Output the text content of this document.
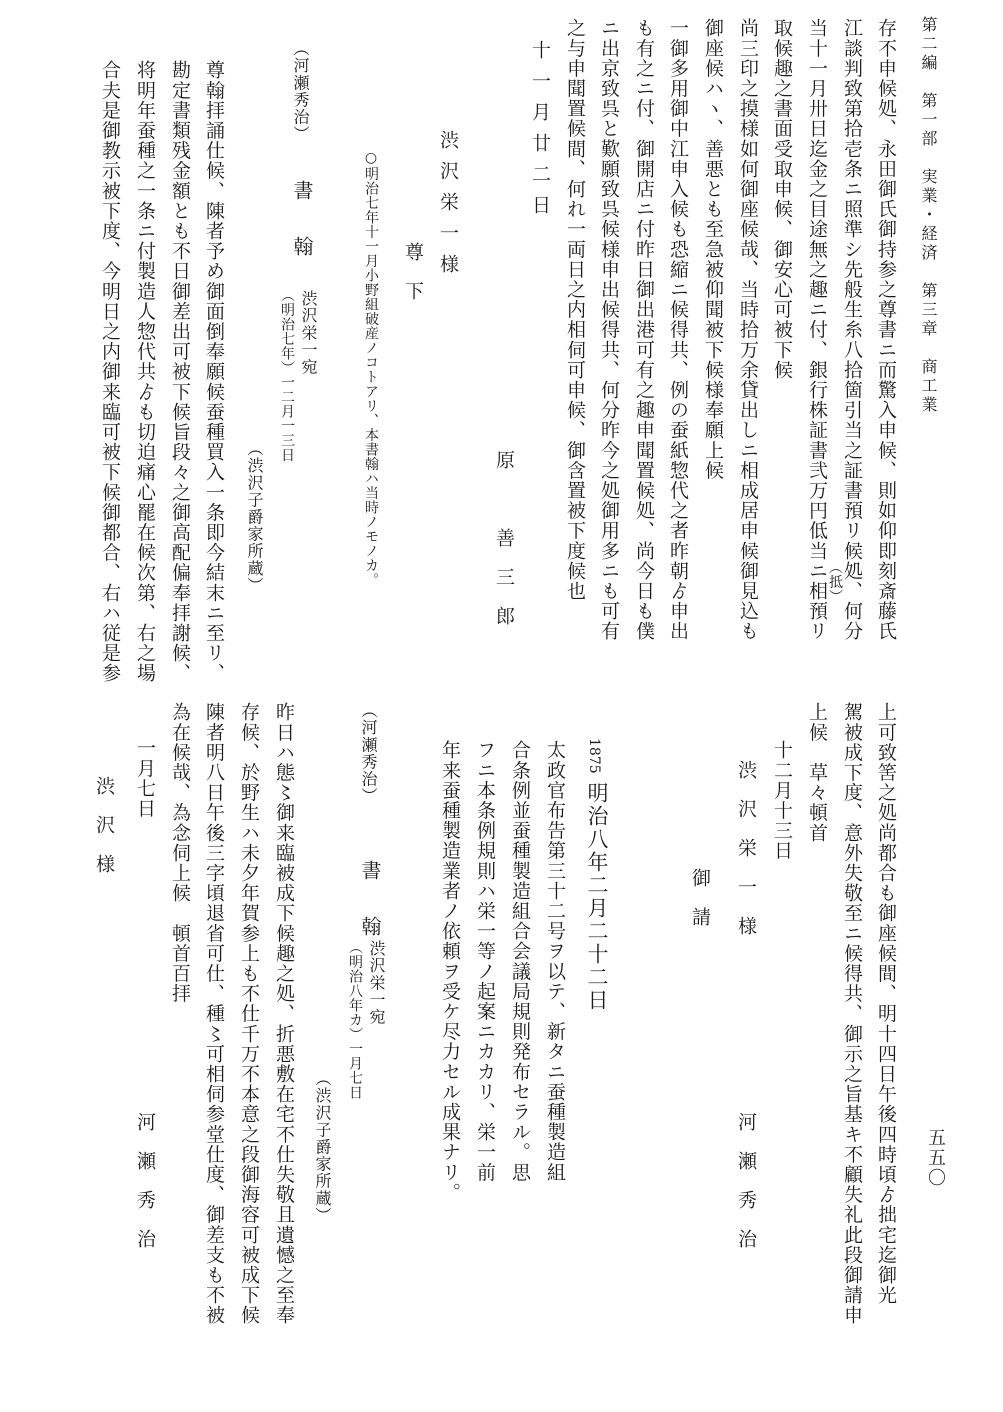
第二編　第一部　実業・経済　第三章　商工業
五五〇
存不申候処、永田御氏御持参之尊書ニ而驚入申候、則如仰即刻斎藤氏
江談判致第拾壱条ニ照準シ先般生糸八拾箇引当之証書預リ候処、何分
当十一月卅日迄金之目途無之趣ニ付、銀行株証書弐万円低当ニ相預リ （抵）
取候趣之書面受取申候、御安心可被下候
尚三印之摸様如何御座候哉、当時拾万余貸出しニ相成居申候御見込も
御座候ハヽ、善悪とも至急被仰聞被下候様奉願上候
一御多用御中江申入候も恐縮ニ候得共、例の蚕紙惣代之者昨朝ゟ申出
も有之ニ付、御開店ニ付昨日御出港可有之趣申聞置候処、尚今日も僕
ニ出京致呉と歎願致呉候様申出候得共、何分昨今之処御用多ニも可有
之与申聞置候間、何れ一両日之内相伺可申候、御含置被下度候也
十一月廿二日
原　善三郎
渋沢栄一様
尊下
○明治七年十一月小野組破産ノコトアリ、本書翰ハ当時ノモノカ。
（河瀬秀治）
書　翰
渋沢栄一宛
（明治七年）一二月一三日
（渋沢子爵家所蔵）
尊翰拝誦仕候、陳者予め御面倒奉願候蚕種買入一条即今結末ニ至リ、
勘定書類残金額とも不日御差出可被下候旨段々之御高配偏奉拝謝候、
将明年蚕種之一条ニ付製造人惣代共ゟも切迫痛心罷在候次第、右之場
合夫是御教示被下度、今明日之内御来臨可被下候御都合、右ハ従是参
上可致筈之処尚都合も御座候間、明十四日午後四時頃ゟ拙宅迄御光
駕被成下度、意外失敬至ニ候得共、御示之旨基キ不顧失礼此段御請申
上候　草々頓首
十二月十三日
河瀬秀治
渋沢栄一様
御請
1875
明治八年二月二十二日
太政官布告第三十二号ヲ以テ、新タニ蚕種製造組
合条例並蚕種製造組合会議局規則発布セラル。思
フニ本条例規則ハ栄一等ノ起案ニカカリ、栄一前
年来蚕種製造業者ノ依頼ヲ受ケ尽力セル成果ナリ。
（河瀬秀治）
書　翰
渋沢栄一宛
（明治八年カ）一月七日
（渋沢子爵家所蔵）
昨日ハ態〻御来臨被成下候趣之処、折悪敷在宅不仕失敬且遺憾之至奉
存候、於野生ハ未夕年賀参上も不仕千万不本意之段御海容可被成下候
陳者明八日午後三字頃退省可仕、種〻可相伺参堂仕度、御差支も不被
為在候哉、為念伺上候　頓首百拝
一月七日
河瀬秀治
渋沢様
